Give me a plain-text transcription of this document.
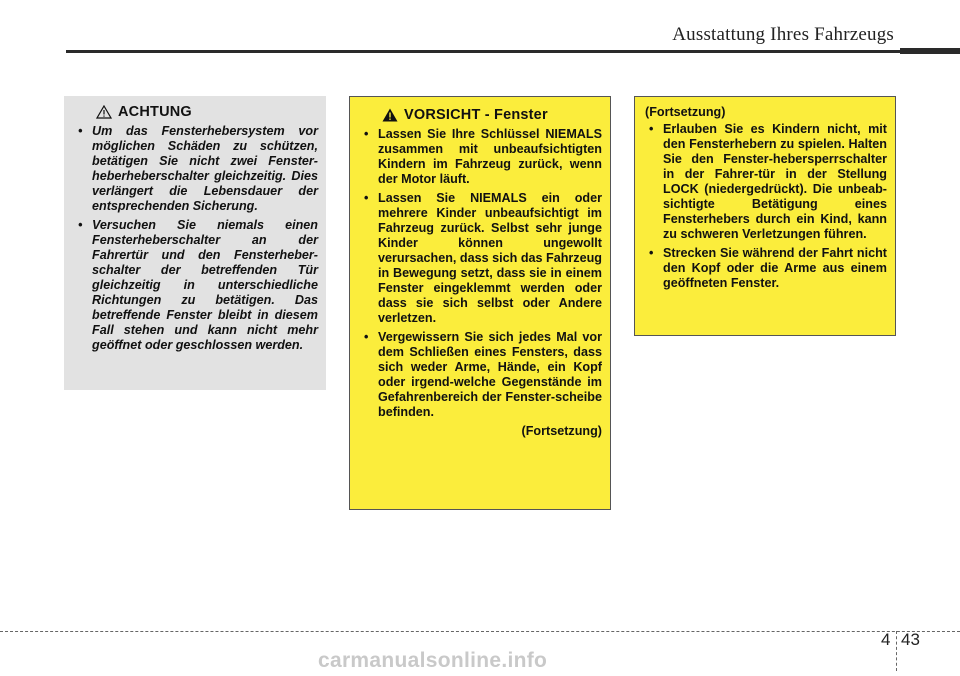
Ausstattung Ihres Fahrzeugs
ACHTUNG
• Um das Fensterhebersystem vor möglichen Schäden zu schützen, betätigen Sie nicht zwei Fenster-heberheberschalter gleichzeitig. Dies verlängert die Lebensdauer der entsprechenden Sicherung.
• Versuchen Sie niemals einen Fensterheberschalter an der Fahrertür und den Fensterheber-schalter der betreffenden Tür gleichzeitig in unterschiedliche Richtungen zu betätigen. Das betreffende Fenster bleibt in diesem Fall stehen und kann nicht mehr geöffnet oder geschlossen werden.
VORSICHT - Fenster
• Lassen Sie Ihre Schlüssel NIEMALS zusammen mit unbeaufsichtigten Kindern im Fahrzeug zurück, wenn der Motor läuft.
• Lassen Sie NIEMALS ein oder mehrere Kinder unbeaufsichtigt im Fahrzeug zurück. Selbst sehr junge Kinder können ungewollt verursachen, dass sich das Fahrzeug in Bewegung setzt, dass sie in einem Fenster eingeklemmt werden oder dass sie sich selbst oder Andere verletzen.
• Vergewissern Sie sich jedes Mal vor dem Schließen eines Fensters, dass sich weder Arme, Hände, ein Kopf oder irgend-welche Gegenstände im Gefahrenbereich der Fenster-scheibe befinden.
(Fortsetzung)
(Fortsetzung)
• Erlauben Sie es Kindern nicht, mit den Fensterhebern zu spielen. Halten Sie den Fenster-hebersperrschalter in der Fahrer-tür in der Stellung LOCK (niedergedrückt). Die unbeab-sichtigte Betätigung eines Fensterhebers durch ein Kind, kann zu schweren Verletzungen führen.
• Strecken Sie während der Fahrt nicht den Kopf oder die Arme aus einem geöffneten Fenster.
4 43
carmanualsonline.info
